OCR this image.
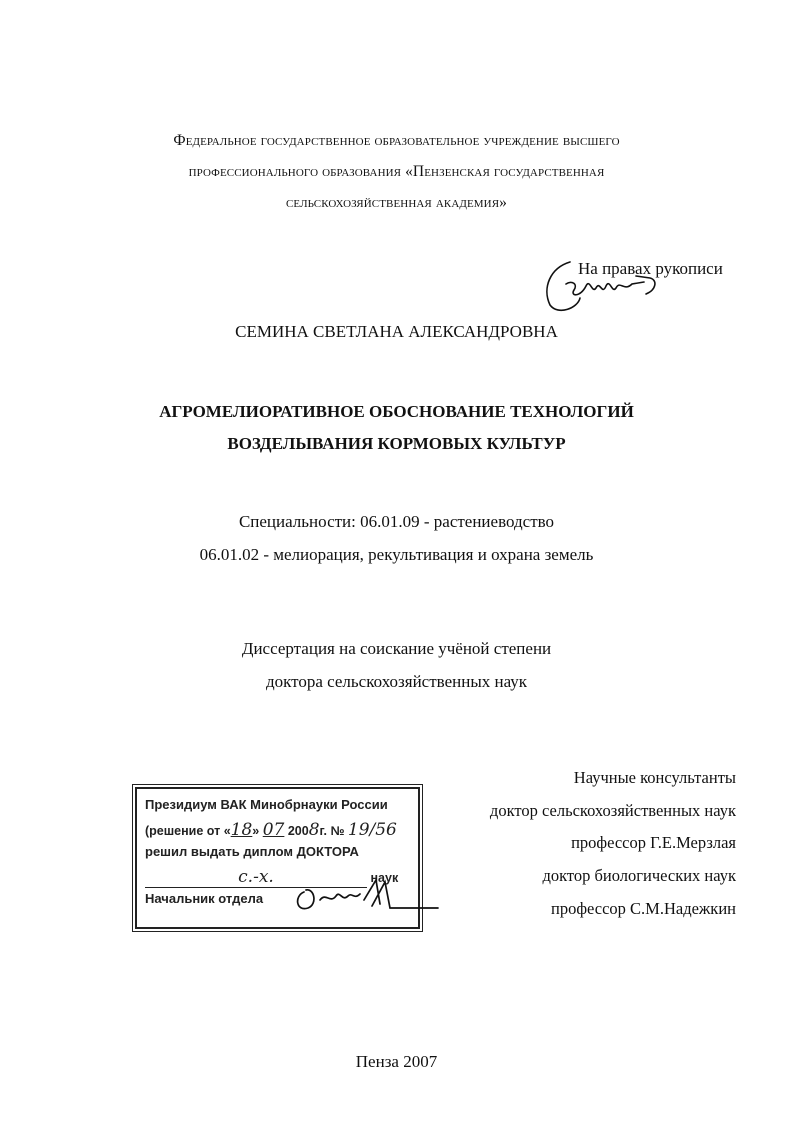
Федеральное государственное образовательное учреждение высшего
профессионального образования «Пензенская государственная
сельскохозяйственная академия»
На правах рукописи
СЕМИНА СВЕТЛАНА АЛЕКСАНДРОВНА
АГРОМЕЛИОРАТИВНОЕ ОБОСНОВАНИЕ ТЕХНОЛОГИЙ
ВОЗДЕЛЫВАНИЯ КОРМОВЫХ КУЛЬТУР
Специальности: 06.01.09 - растениеводство
06.01.02 - мелиорация, рекультивация и охрана земель
Диссертация на соискание учёной степени
доктора сельскохозяйственных наук
Научные консультанты
доктор сельскохозяйственных наук
профессор Г.Е.Мерзлая
доктор биологических наук
профессор С.М.Надежкин
Президиум ВАК Минобрнауки России
(решение от «18» 07 2008г. № 19/56
решил выдать диплом ДОКТОРА
с.-х.	наук
Начальник отдела
Пенза 2007
